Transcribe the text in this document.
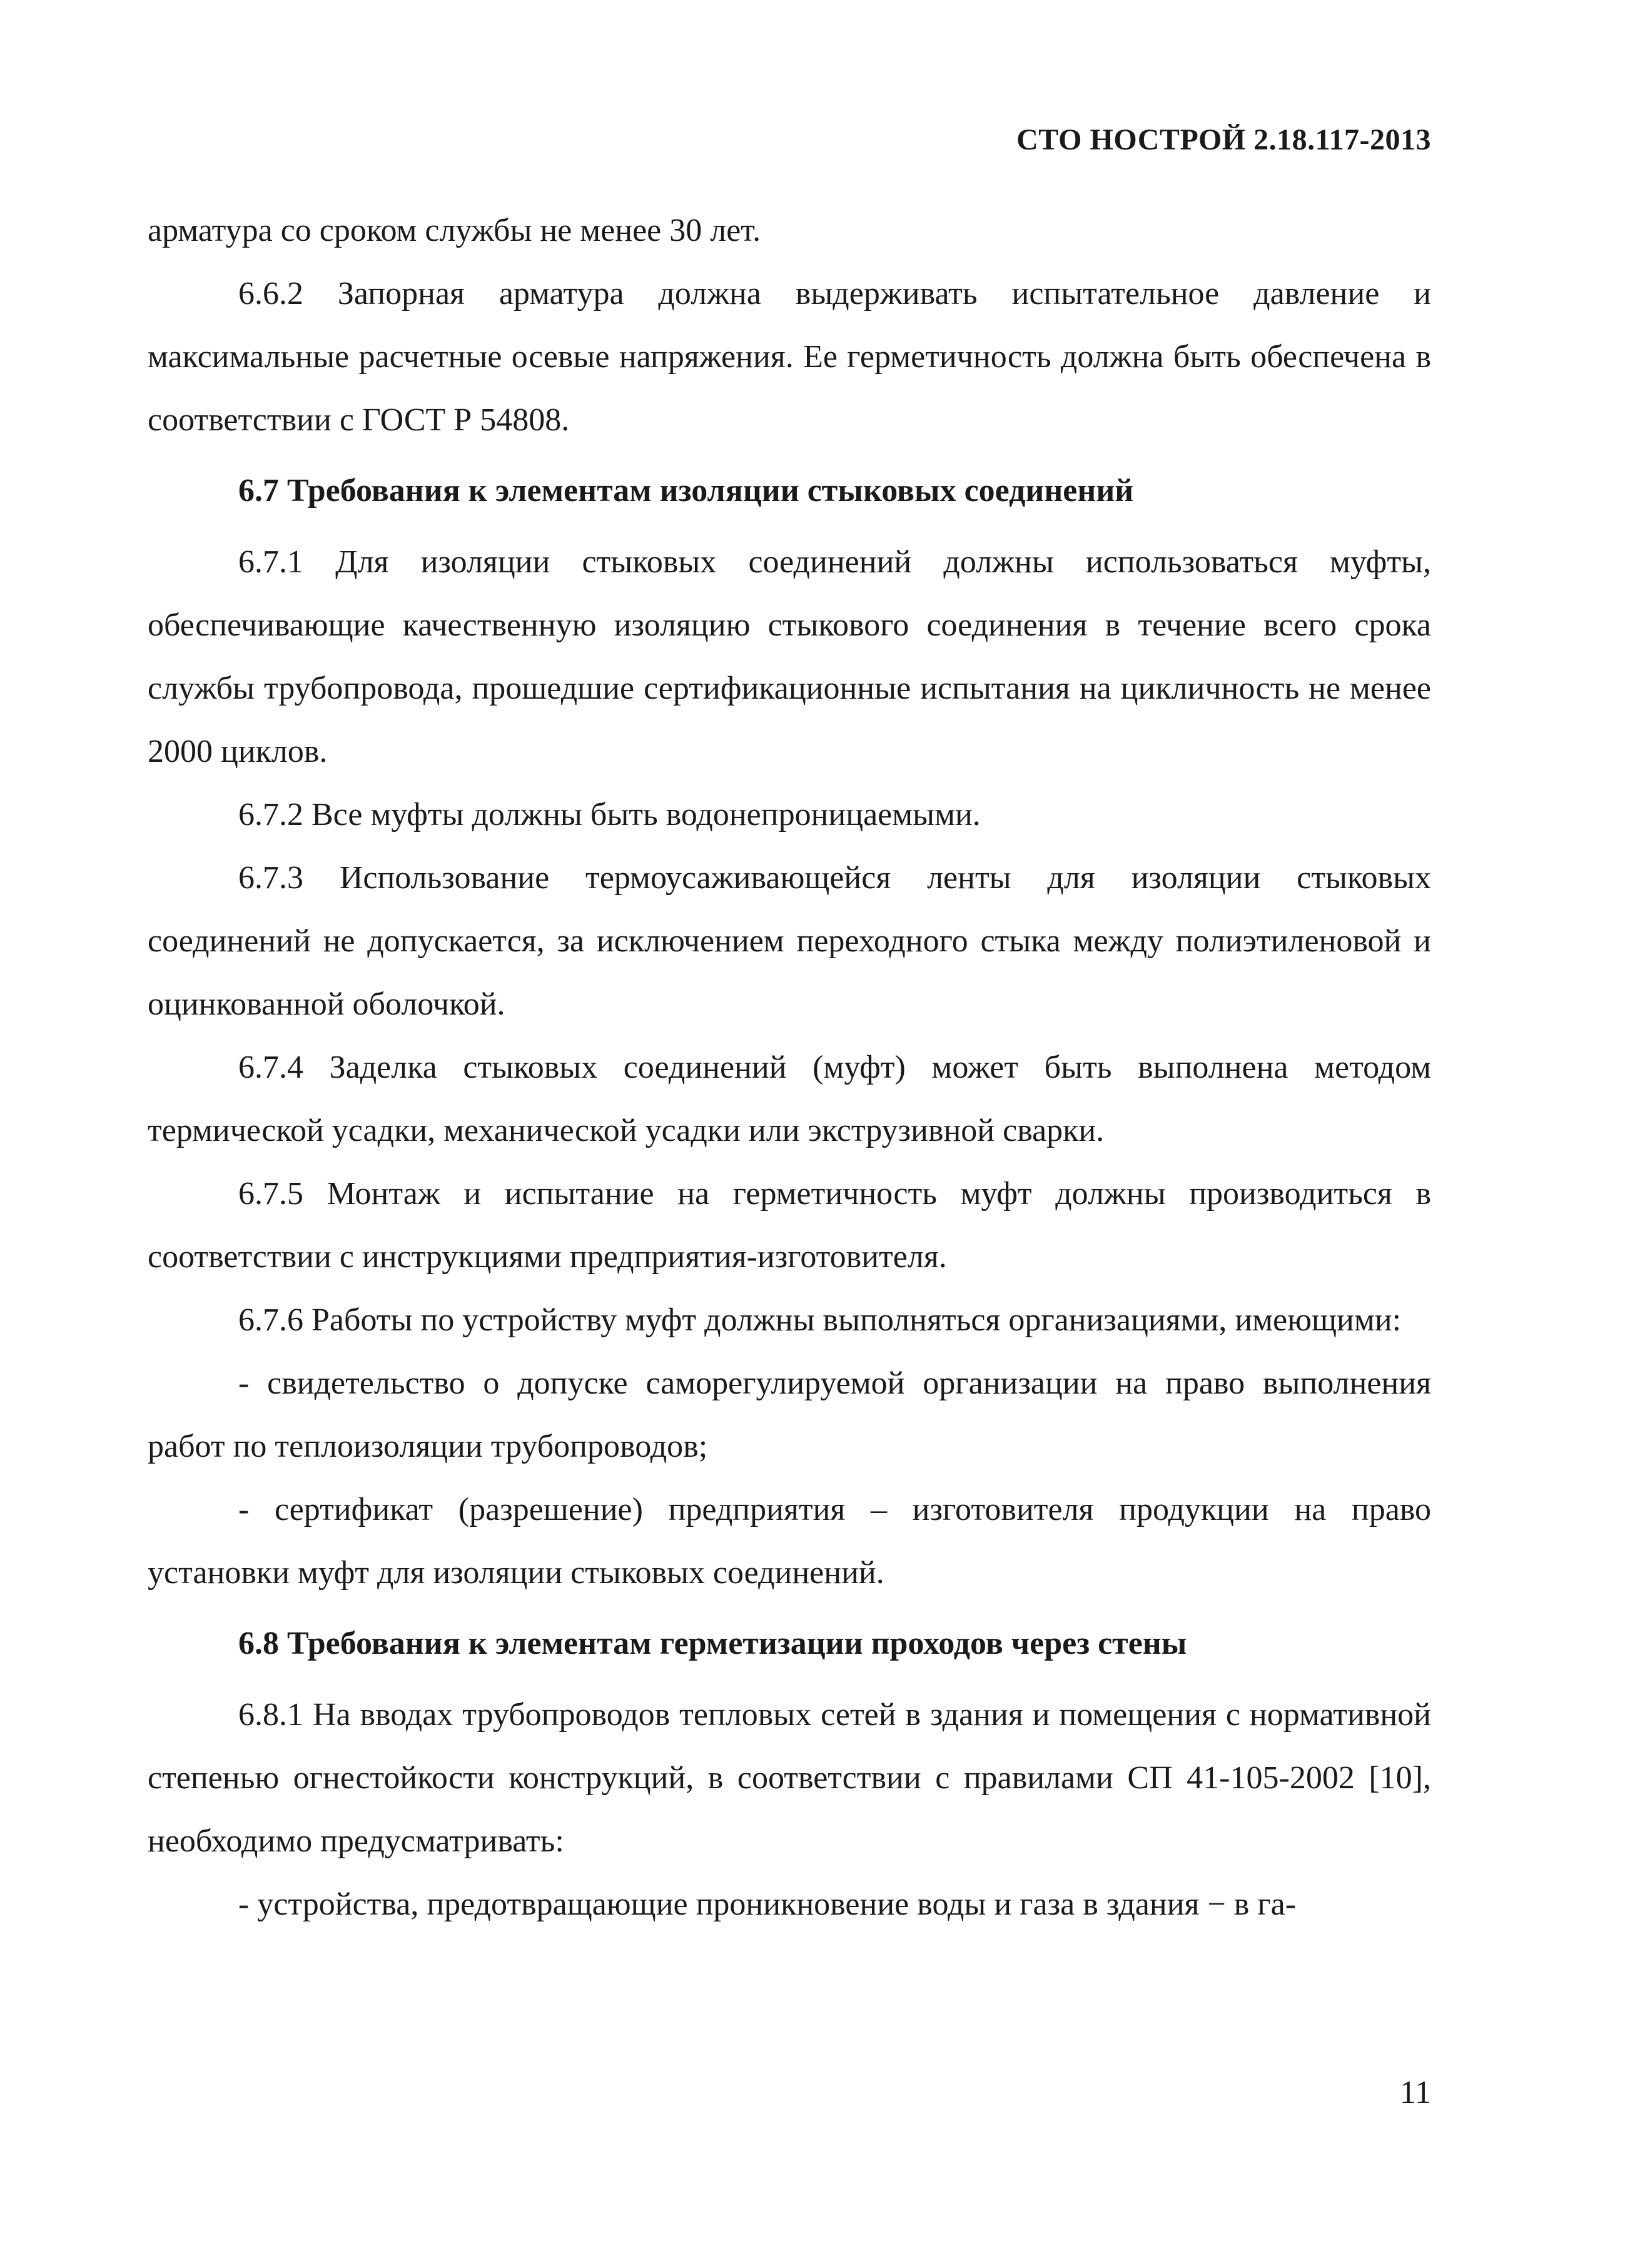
СТО НОСТРОЙ 2.18.117-2013

арматура со сроком службы не менее 30 лет.

6.6.2 Запорная арматура должна выдерживать испытательное давление и максимальные расчетные осевые напряжения. Ее герметичность должна быть обеспечена в соответствии с ГОСТ Р 54808.

6.7 Требования к элементам изоляции стыковых соединений

6.7.1 Для изоляции стыковых соединений должны использоваться муфты, обеспечивающие качественную изоляцию стыкового соединения в течение всего срока службы трубопровода, прошедшие сертификационные испытания на цикличность не менее 2000 циклов.

6.7.2 Все муфты должны быть водонепроницаемыми.

6.7.3 Использование термоусаживающейся ленты для изоляции стыковых соединений не допускается, за исключением переходного стыка между полиэтиленовой и оцинкованной оболочкой.

6.7.4 Заделка стыковых соединений (муфт) может быть выполнена методом термической усадки, механической усадки или экструзивной сварки.

6.7.5 Монтаж и испытание на герметичность муфт должны производиться в соответствии с инструкциями предприятия-изготовителя.

6.7.6 Работы по устройству муфт должны выполняться организациями, имеющими:

- свидетельство о допуске саморегулируемой организации на право выполнения работ по теплоизоляции трубопроводов;

- сертификат (разрешение) предприятия – изготовителя продукции на право установки муфт для изоляции стыковых соединений.

6.8 Требования к элементам герметизации проходов через стены

6.8.1 На вводах трубопроводов тепловых сетей в здания и помещения с нормативной степенью огнестойкости конструкций, в соответствии с правилами СП 41-105-2002 [10], необходимо предусматривать:

- устройства, предотвращающие проникновение воды и газа в здания − в га-

11
